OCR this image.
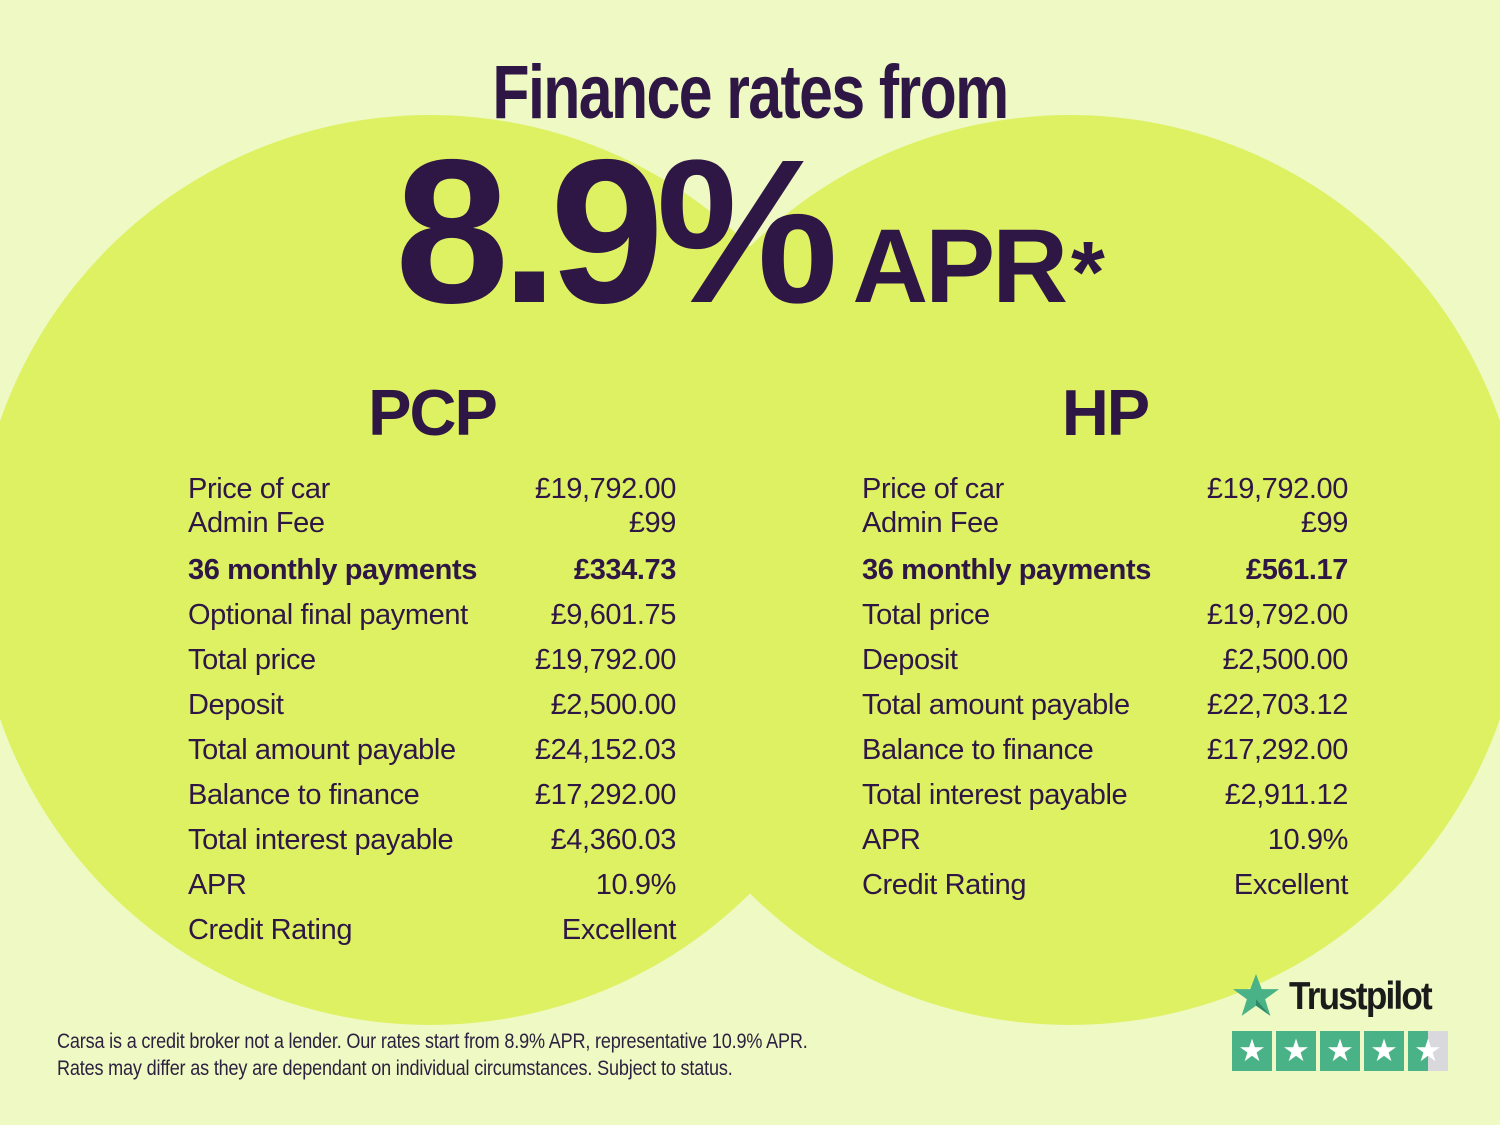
Finance rates from
8.9% APR *
PCP
Price of car	£19,792.00
Admin Fee	£99
36 monthly payments	£334.73
Optional final payment	£9,601.75
Total price	£19,792.00
Deposit	£2,500.00
Total amount payable	£24,152.03
Balance to finance	£17,292.00
Total interest payable	£4,360.03
APR	10.9%
Credit Rating	Excellent
HP
Price of car	£19,792.00
Admin Fee	£99
36 monthly payments	£561.17
Total price	£19,792.00
Deposit	£2,500.00
Total amount payable	£22,703.12
Balance to finance	£17,292.00
Total interest payable	£2,911.12
APR	10.9%
Credit Rating	Excellent
Carsa is a credit broker not a lender. Our rates start from 8.9% APR, representative 10.9% APR.
Rates may differ as they are dependant on individual circumstances. Subject to status.
Trustpilot
★ ★ ★ ★ ★
